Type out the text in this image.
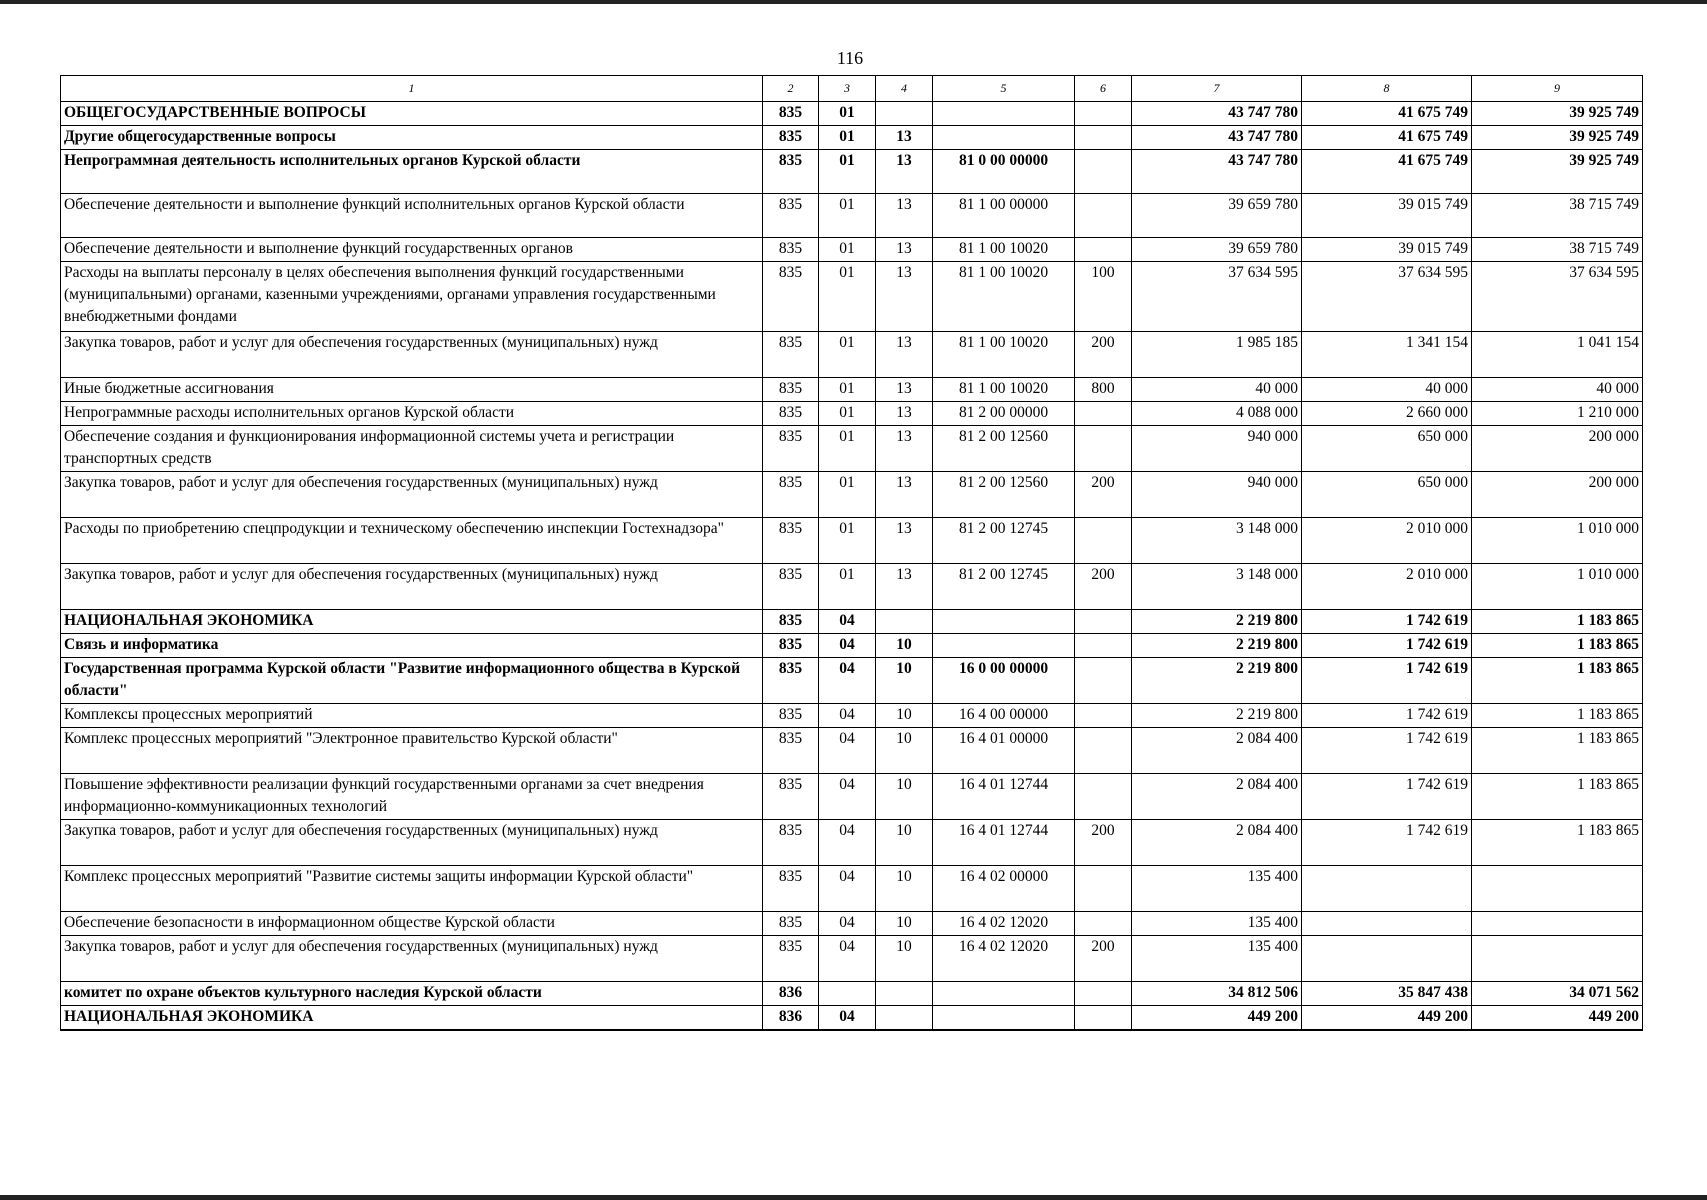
116
1	2	3	4	5	6	7	8	9
ОБЩЕГОСУДАРСТВЕННЫЕ ВОПРОСЫ	835	01				43 747 780	41 675 749	39 925 749
Другие общегосударственные вопросы	835	01	13			43 747 780	41 675 749	39 925 749
Непрограммная деятельность исполнительных органов Курской области	835	01	13	81 0 00 00000		43 747 780	41 675 749	39 925 749
Обеспечение деятельности и выполнение функций исполнительных органов Курской области	835	01	13	81 1 00 00000		39 659 780	39 015 749	38 715 749
Обеспечение деятельности и выполнение функций государственных органов	835	01	13	81 1 00 10020		39 659 780	39 015 749	38 715 749
Расходы на выплаты персоналу в целях обеспечения выполнения функций государственными (муниципальными) органами, казенными учреждениями, органами управления государственными внебюджетными фондами	835	01	13	81 1 00 10020	100	37 634 595	37 634 595	37 634 595
Закупка товаров, работ и услуг для обеспечения государственных (муниципальных) нужд	835	01	13	81 1 00 10020	200	1 985 185	1 341 154	1 041 154
Иные бюджетные ассигнования	835	01	13	81 1 00 10020	800	40 000	40 000	40 000
Непрограммные расходы исполнительных органов Курской области	835	01	13	81 2 00 00000		4 088 000	2 660 000	1 210 000
Обеспечение создания и функционирования информационной системы учета и регистрации транспортных средств	835	01	13	81 2 00 12560		940 000	650 000	200 000
Закупка товаров, работ и услуг для обеспечения государственных (муниципальных) нужд	835	01	13	81 2 00 12560	200	940 000	650 000	200 000
Расходы по приобретению спецпродукции и техническому обеспечению инспекции Гостехнадзора"	835	01	13	81 2 00 12745		3 148 000	2 010 000	1 010 000
Закупка товаров, работ и услуг для обеспечения государственных (муниципальных) нужд	835	01	13	81 2 00 12745	200	3 148 000	2 010 000	1 010 000
НАЦИОНАЛЬНАЯ ЭКОНОМИКА	835	04				2 219 800	1 742 619	1 183 865
Связь и информатика	835	04	10			2 219 800	1 742 619	1 183 865
Государственная программа Курской области "Развитие информационного общества в Курской области"	835	04	10	16 0 00 00000		2 219 800	1 742 619	1 183 865
Комплексы процессных мероприятий	835	04	10	16 4 00 00000		2 219 800	1 742 619	1 183 865
Комплекс процессных мероприятий "Электронное правительство Курской области"	835	04	10	16 4 01 00000		2 084 400	1 742 619	1 183 865
Повышение эффективности реализации функций государственными органами за счет внедрения информационно-коммуникационных технологий	835	04	10	16 4 01 12744		2 084 400	1 742 619	1 183 865
Закупка товаров, работ и услуг для обеспечения государственных (муниципальных) нужд	835	04	10	16 4 01 12744	200	2 084 400	1 742 619	1 183 865
Комплекс процессных мероприятий "Развитие системы защиты информации Курской области"	835	04	10	16 4 02 00000		135 400		
Обеспечение безопасности в информационном обществе Курской области	835	04	10	16 4 02 12020		135 400		
Закупка товаров, работ и услуг для обеспечения государственных (муниципальных) нужд	835	04	10	16 4 02 12020	200	135 400		
комитет по охране объектов культурного наследия Курской области	836					34 812 506	35 847 438	34 071 562
НАЦИОНАЛЬНАЯ ЭКОНОМИКА	836	04				449 200	449 200	449 200
